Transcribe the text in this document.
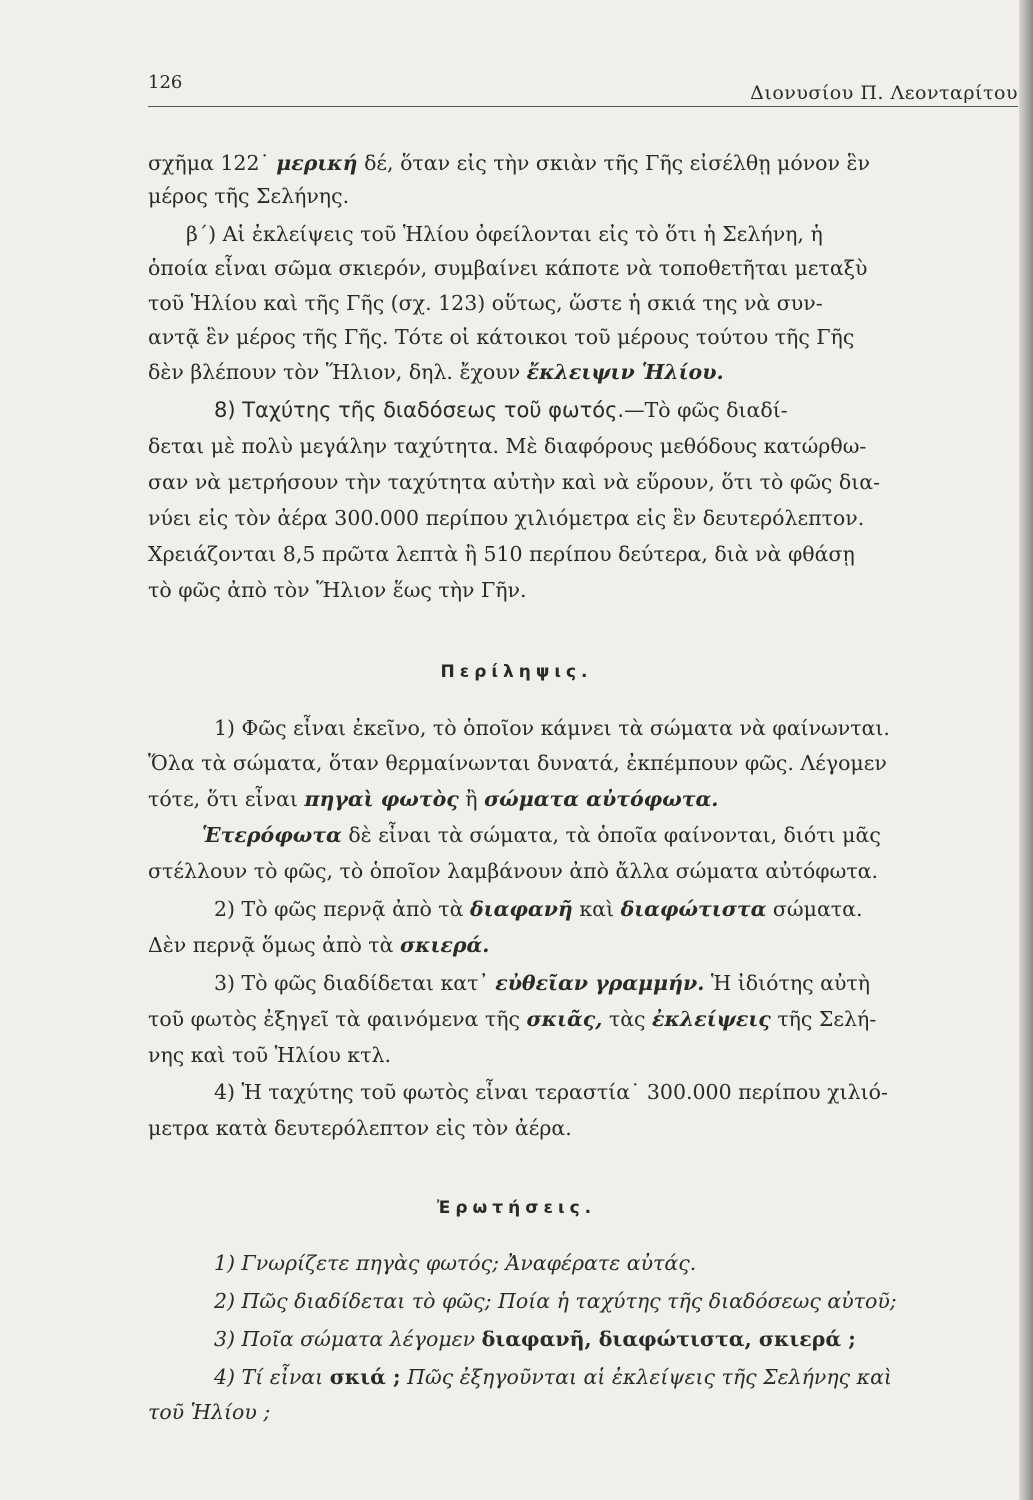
126	Διονυσίου Π. Λεονταρίτου
σχῆμα 122˙ μερική δέ, ὅταν εἰς τὴν σκιὰν τῆς Γῆς εἰσέλθῃ μόνον ἓν
μέρος τῆς Σελήνης.
β΄) Αἱ ἐκλείψεις τοῦ Ἡλίου ὀφείλονται εἰς τὸ ὅτι ἡ Σελήνη, ἡ
ὁποία εἶναι σῶμα σκιερόν, συμβαίνει κάποτε νὰ τοποθετῆται μεταξὺ
τοῦ Ἡλίου καὶ τῆς Γῆς (σχ. 123) οὕτως, ὥστε ἡ σκιά της νὰ συν-
αντᾷ ἓν μέρος τῆς Γῆς. Τότε οἱ κάτοικοι τοῦ μέρους τούτου τῆς Γῆς
δὲν βλέπουν τὸν Ἥλιον, δηλ. ἔχουν ἔκλειψιν Ἡλίου.
8) Ταχύτης τῆς διαδόσεως τοῦ φωτός.—Τὸ φῶς διαδί-
δεται μὲ πολὺ μεγάλην ταχύτητα. Μὲ διαφόρους μεθόδους κατώρθω-
σαν νὰ μετρήσουν τὴν ταχύτητα αὐτὴν καὶ νὰ εὕρουν, ὅτι τὸ φῶς δια-
νύει εἰς τὸν ἀέρα 300.000 περίπου χιλιόμετρα εἰς ἓν δευτερόλεπτον.
Χρειάζονται 8,5 πρῶτα λεπτὰ ἢ 510 περίπου δεύτερα, διὰ νὰ φθάσῃ
τὸ φῶς ἀπὸ τὸν Ἥλιον ἕως τὴν Γῆν.
Περίληψις.
1) Φῶς εἶναι ἐκεῖνο, τὸ ὁποῖον κάμνει τὰ σώματα νὰ φαίνωνται.
Ὅλα τὰ σώματα, ὅταν θερμαίνωνται δυνατά, ἐκπέμπουν φῶς. Λέγομεν
τότε, ὅτι εἶναι πηγαὶ φωτὸς ἢ σώματα αὐτόφωτα.
Ἑτερόφωτα δὲ εἶναι τὰ σώματα, τὰ ὁποῖα φαίνονται, διότι μᾶς
στέλλουν τὸ φῶς, τὸ ὁποῖον λαμβάνουν ἀπὸ ἄλλα σώματα αὐτόφωτα.
2) Τὸ φῶς περνᾷ ἀπὸ τὰ διαφανῆ καὶ διαφώτιστα σώματα.
Δὲν περνᾷ ὅμως ἀπὸ τὰ σκιερά.
3) Τὸ φῶς διαδίδεται κατ᾿ εὐθεῖαν γραμμήν. Ἡ ἰδιότης αὐτὴ
τοῦ φωτὸς ἐξηγεῖ τὰ φαινόμενα τῆς σκιᾶς, τὰς ἐκλείψεις τῆς Σελή-
νης καὶ τοῦ Ἡλίου κτλ.
4) Ἡ ταχύτης τοῦ φωτὸς εἶναι τεραστία˙ 300.000 περίπου χιλιό-
μετρα κατὰ δευτερόλεπτον εἰς τὸν ἀέρα.
Ἐρωτήσεις.
1) Γνωρίζετε πηγὰς φωτός; Ἀναφέρατε αὐτάς.
2) Πῶς διαδίδεται τὸ φῶς; Ποία ἡ ταχύτης τῆς διαδόσεως αὐτοῦ;
3) Ποῖα σώματα λέγομεν διαφανῆ, διαφώτιστα, σκιερά ;
4) Τί εἶναι σκιά ; Πῶς ἐξηγοῦνται αἱ ἐκλείψεις τῆς Σελήνης καὶ
τοῦ Ἡλίου ;
